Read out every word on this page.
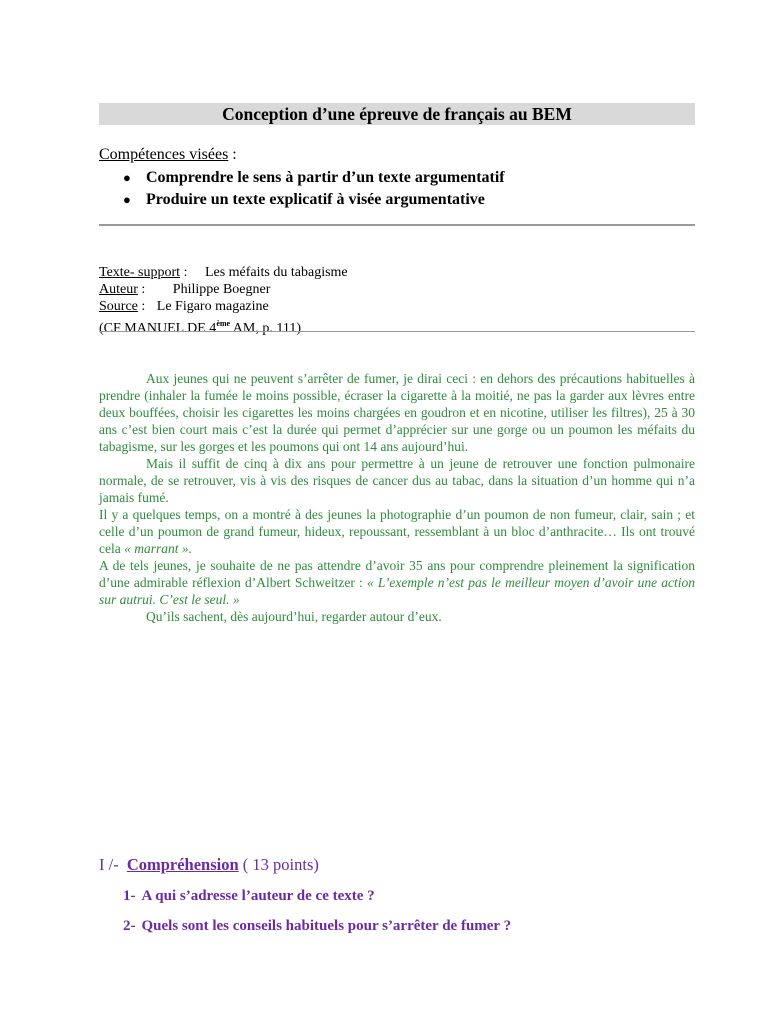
Conception d’une épreuve de français au BEM
Compétences visées :
● Comprendre le sens à partir d’un texte argumentatif
● Produire un texte explicatif à visée argumentative
Texte- support : Les méfaits du tabagisme
Auteur : Philippe Boegner
Source : Le Figaro magazine
(CF MANUEL DE 4ème AM, p. 111)

Aux jeunes qui ne peuvent s’arrêter de fumer, je dirai ceci : en dehors des précautions habituelles à prendre (inhaler la fumée le moins possible, écraser la cigarette à la moitié, ne pas la garder aux lèvres entre deux bouffées, choisir les cigarettes les moins chargées en goudron et en nicotine, utiliser les filtres), 25 à 30 ans c’est bien court mais c’est la durée qui permet d’apprécier sur une gorge ou un poumon les méfaits du tabagisme, sur les gorges et les poumons qui ont 14 ans aujourd’hui.

Mais il suffit de cinq à dix ans pour permettre à un jeune de retrouver une fonction pulmonaire normale, de se retrouver, vis à vis des risques de cancer dus au tabac, dans la situation d’un homme qui n’a jamais fumé.

Il y a quelques temps, on a montré à des jeunes la photographie d’un poumon de non fumeur, clair, sain ; et celle d’un poumon de grand fumeur, hideux, repoussant, ressemblant à un bloc d’anthracite… Ils ont trouvé cela « marrant ».

A de tels jeunes, je souhaite de ne pas attendre d’avoir 35 ans pour comprendre pleinement la signification d’une admirable réflexion d’Albert Schweitzer : « L’exemple n’est pas le meilleur moyen d’avoir une action sur autrui. C’est le seul. »

Qu’ils sachent, dès aujourd’hui, regarder autour d’eux.

I /- Compréhension ( 13 points)
1- A qui s’adresse l’auteur de ce texte ?
2- Quels sont les conseils habituels pour s’arrêter de fumer ?
